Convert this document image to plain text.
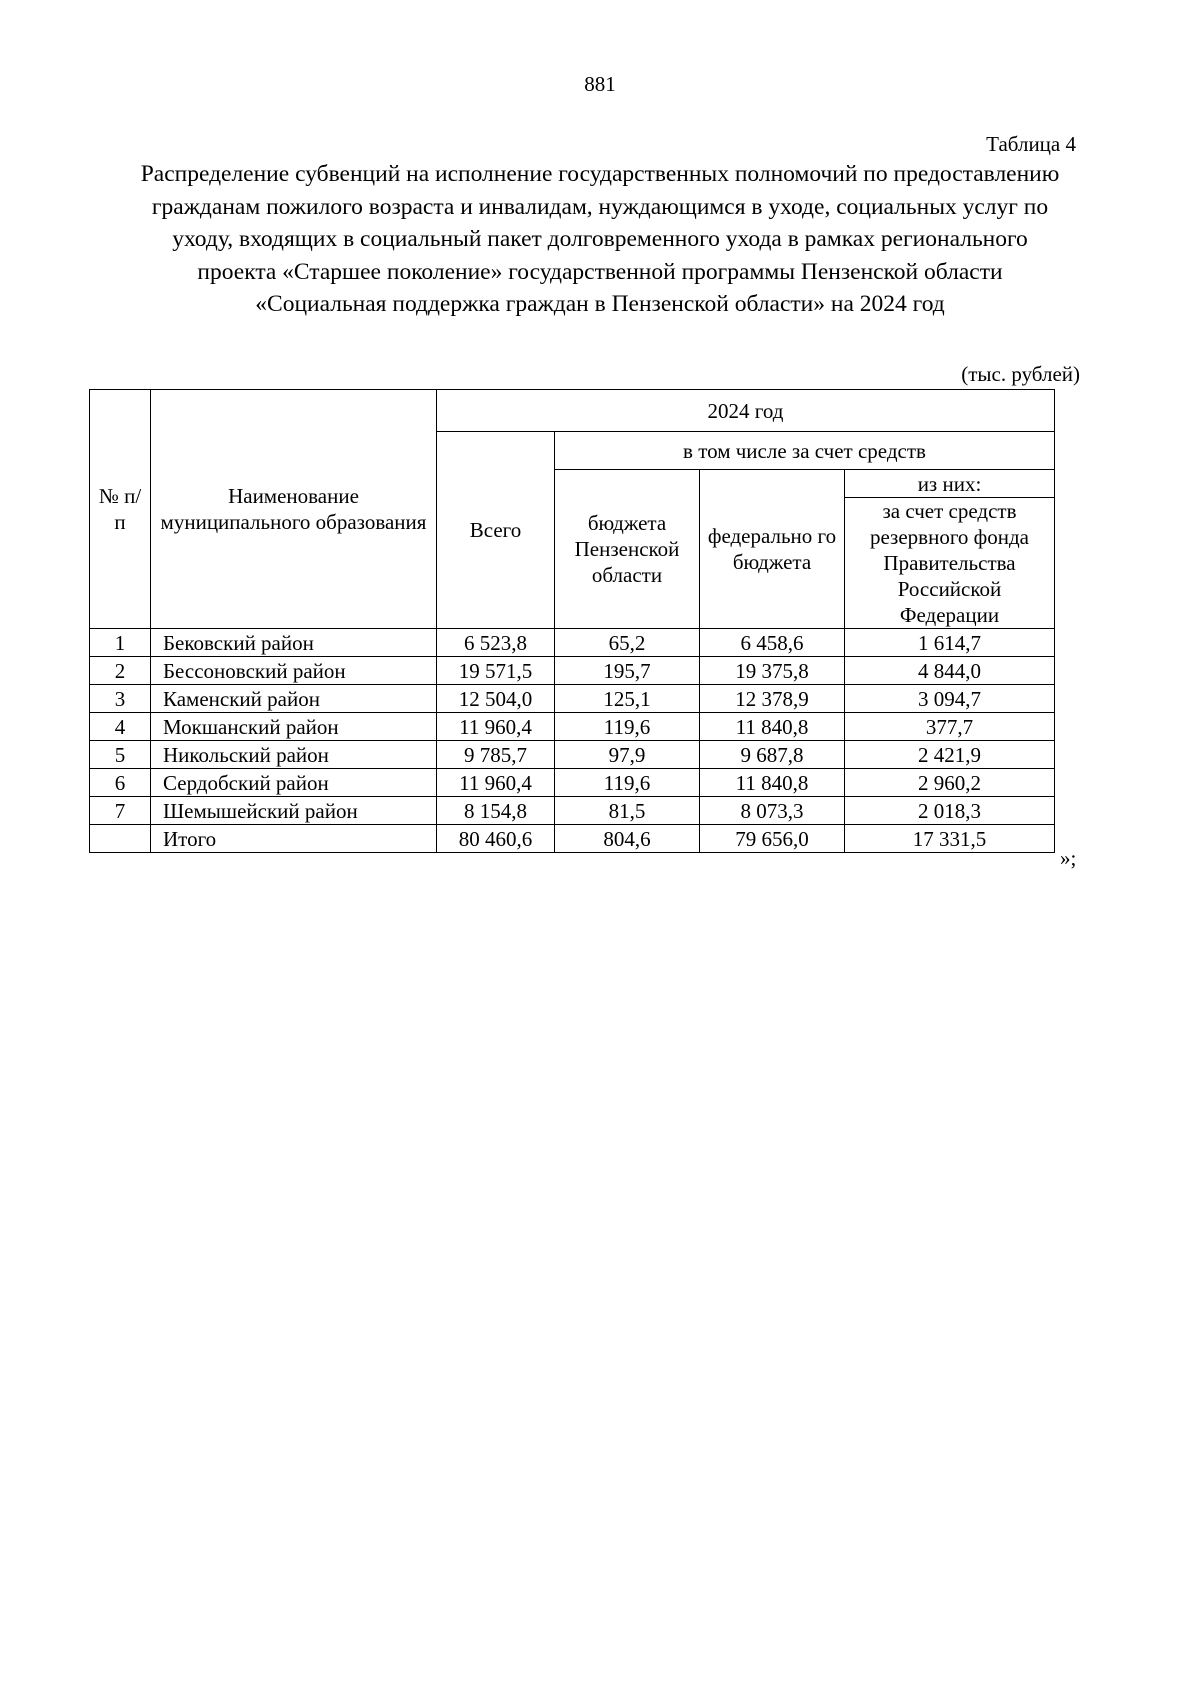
881
Таблица 4
Распределение субвенций на исполнение государственных полномочий по предоставлению гражданам пожилого возраста и инвалидам, нуждающимся в уходе, социальных услуг по уходу, входящих в социальный пакет долговременного ухода в рамках регионального проекта «Старшее поколение» государственной программы Пензенской области «Социальная поддержка граждан в Пензенской области» на 2024 год
(тыс. рублей)
№ п/п	Наименование муниципального образования	2024 год			
		Всего	в том числе за счет средств		
			бюджета Пензенской области	федерально го бюджета	из них:
					за счет средств резервного фонда Правительства Российской Федерации
1	Бековский район	6 523,8	65,2	6 458,6	1 614,7
2	Бессоновский район	19 571,5	195,7	19 375,8	4 844,0
3	Каменский район	12 504,0	125,1	12 378,9	3 094,7
4	Мокшанский район	11 960,4	119,6	11 840,8	377,7
5	Никольский район	9 785,7	97,9	9 687,8	2 421,9
6	Сердобский район	11 960,4	119,6	11 840,8	2 960,2
7	Шемышейский район	8 154,8	81,5	8 073,3	2 018,3
	Итого	80 460,6	804,6	79 656,0	17 331,5
»;
